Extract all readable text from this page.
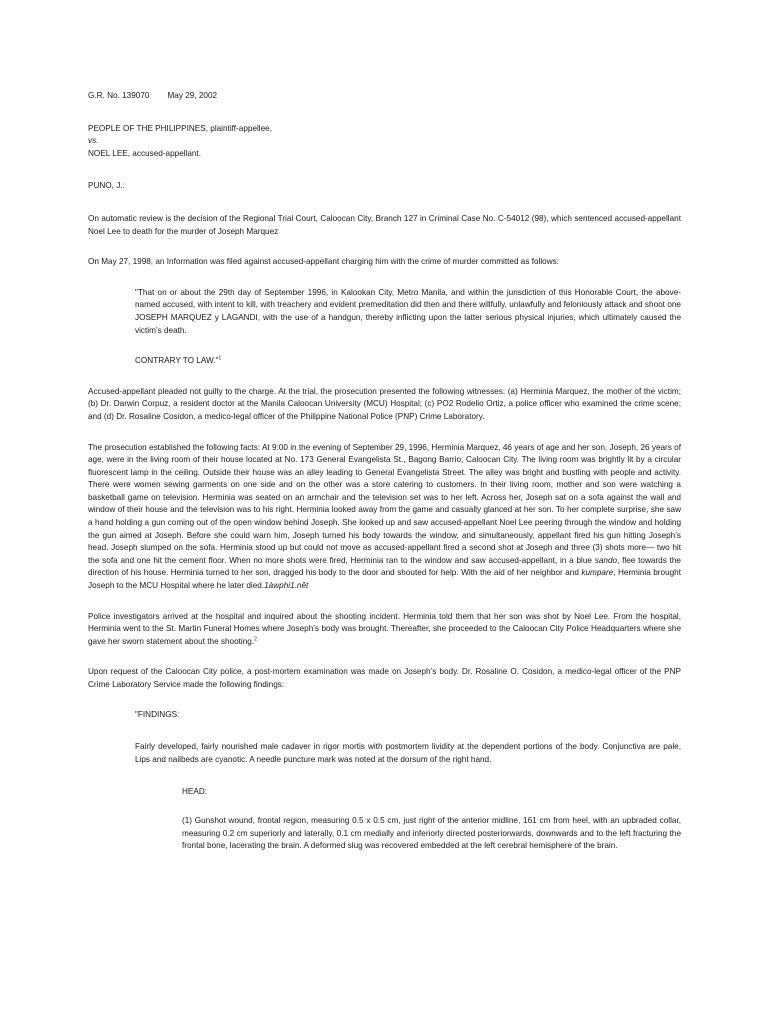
G.R. No. 139070 May 29, 2002

PEOPLE OF THE PHILIPPINES, plaintiff-appellee,

vs.

NOEL LEE, accused-appellant.

PUNO, J.:

On automatic review is the decision of the Regional Trial Court, Caloocan City, Branch 127 in Criminal Case No. C-54012 (98), which sentenced accused-appellant Noel Lee to death for the murder of Joseph Marquez

On May 27, 1998, an Information was filed against accused-appellant charging him with the crime of murder committed as follows:

"That on or about the 29th day of September 1996, in Kalookan City, Metro Manila, and within the jurisdiction of this Honorable Court, the above-named accused, with intent to kill, with treachery and evident premeditation did then and there willfully, unlawfully and feloniously attack and shoot one JOSEPH MARQUEZ y LAGANDI, with the use of a handgun, thereby inflicting upon the latter serious physical injuries, which ultimately caused the victim’s death.

CONTRARY TO LAW."$^1$

Accused-appellant pleaded not guilty to the charge. At the trial, the prosecution presented the following witnesses: (a) Herminia Marquez, the mother of the victim; (b) Dr. Darwin Corpuz, a resident doctor at the Manila Caloocan University (MCU) Hospital; (c) PO2 Rodelio Ortiz, a police officer who examined the crime scene; and (d) Dr. Rosaline Cosidon, a medico-legal officer of the Philippine National Police (PNP) Crime Laboratory.

The prosecution established the following facts: At 9:00 in the evening of September 29, 1996, Herminia Marquez, 46 years of age and her son, Joseph, 26 years of age, were in the living room of their house located at No. 173 General Evangelista St., Bagong Barrio, Caloocan City. The living room was brightly lit by a circular fluorescent lamp in the ceiling. Outside their house was an alley leading to General Evangelista Street. The alley was bright and bustling with people and activity. There were women sewing garments on one side and on the other was a store catering to customers. In their living room, mother and son were watching a basketball game on television. Herminia was seated on an armchair and the television set was to her left. Across her, Joseph sat on a sofa against the wall and window of their house and the television was to his right. Herminia looked away from the game and casually glanced at her son. To her complete surprise, she saw a hand holding a gun coming out of the open window behind Joseph. She looked up and saw accused-appellant Noel Lee peering through the window and holding the gun aimed at Joseph. Before she could warn him, Joseph turned his body towards the window, and simultaneously, appellant fired his gun hitting Joseph’s head. Joseph slumped on the sofa. Herminia stood up but could not move as accused-appellant fired a second shot at Joseph and three (3) shots more— two hit the sofa and one hit the cement floor. When no more shots were fired, Herminia ran to the window and saw accused-appellant, in a blue sando, flee towards the direction of his house. Herminia turned to her son, dragged his body to the door and shouted for help. With the aid of her neighbor and kumpare, Herminia brought Joseph to the MCU Hospital where he later died.1àwphi1.nêt

Police investigators arrived at the hospital and inquired about the shooting incident. Herminia told them that her son was shot by Noel Lee. From the hospital, Herminia went to the St. Martin Funeral Homes where Joseph’s body was brought. Thereafter, she proceeded to the Caloocan City Police Headquarters where she gave her sworn statement about the shooting.$^2$

Upon request of the Caloocan City police, a post-mortem examination was made on Joseph’s body. Dr. Rosaline O. Cosidon, a medico-legal officer of the PNP Crime Laboratory Service made the following findings:

"FINDINGS:

Fairly developed, fairly nourished male cadaver in rigor mortis with postmortem lividity at the dependent portions of the body. Conjunctiva are pale, Lips and nailbeds are cyanotic. A needle puncture mark was noted at the dorsum of the right hand.

HEAD:

(1) Gunshot wound, frontal region, measuring 0.5 x 0.5 cm, just right of the anterior midline, 161 cm from heel, with an upbraded collar, measuring 0.2 cm superiorly and laterally, 0.1 cm medially and inferiorly directed posteriorwards, downwards and to the left fracturing the frontal bone, lacerating the brain. A deformed slug was recovered embedded at the left cerebral hemisphere of the brain.
